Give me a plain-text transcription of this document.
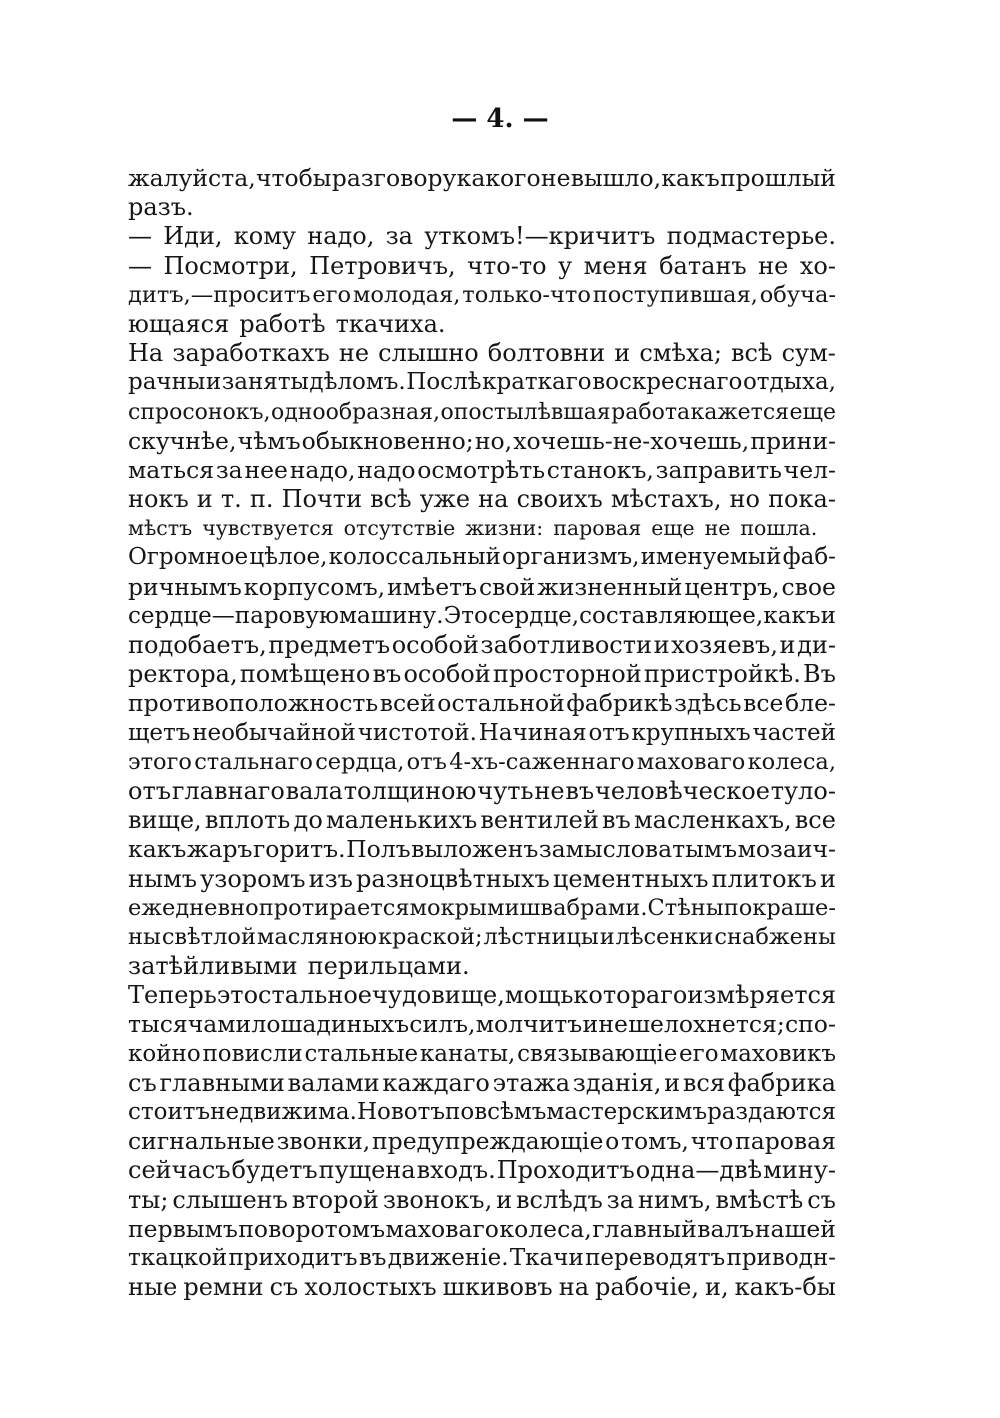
— 4. —
жалуйста, чтобы разговору какого не вышло, какъ прошлый
разъ.
— Иди, кому надо, за уткомъ!—кричитъ подмастерье.
— Посмотри, Петровичъ, что-то у меня батанъ не хо-
дитъ,—проситъ его молодая, только-что поступившая, обуча-
ющаяся работѣ ткачиха.
На заработкахъ не слышно болтовни и смѣха; всѣ сум-
рачны и заняты дѣломъ. Послѣ краткаго воскреснаго отдыха,
спросонокъ, однообразная, опостылѣвшая работа кажется еще
скучнѣе, чѣмъ обыкновенно; но, хочешь-не-хочешь, прини-
маться за нее надо, надо осмотрѣть станокъ, заправить чел-
нокъ и т. п. Почти всѣ уже на своихъ мѣстахъ, но пока-
мѣстъ чувствуется отсутствіе жизни: паровая еще не пошла.
Огромное цѣлое, колоссальный организмъ, именуемый фаб-
ричнымъ корпусомъ, имѣетъ свой жизненный центръ, свое
сердце—паровую машину. Это сердце, составляющее, какъ и
подобаетъ, предметъ особой заботливости и хозяевъ, и ди-
ректора, помѣщено въ особой просторной пристройкѣ. Въ
противоположность всей остальной фабрикѣ здѣсь все бле-
щетъ необычайной чистотой. Начиная отъ крупныхъ частей
этого стальнаго сердца, отъ 4-хъ-саженнаго маховаго колеса,
отъ главнаго вала толщиною чуть не въ человѣческое туло-
вище, вплоть до маленькихъ вентилей въ масленкахъ, все
какъ жаръ горитъ. Полъ выложенъ замысловатымъ мозаич-
нымъ узоромъ изъ разноцвѣтныхъ цементныхъ плитокъ и
ежедневно протирается мокрыми швабрами. Стѣны покраше-
ны свѣтлой масляною краской; лѣстницы и лѣсенки снабжены
затѣйливыми перильцами.
Теперь это стальное чудовище, мощь котораго измѣряется
тысячами лошадиныхъ силъ, молчитъ и не шелохнется; спо-
койно повисли стальные канаты, связывающіе его маховикъ
съ главными валами каждаго этажа зданія, и вся фабрика
стоитъ недвижима. Но вотъ по всѣмъ мастерскимъ раздаются
сигнальные звонки, предупреждающіе о томъ, что паровая
сейчасъ будетъ пущена входъ. Проходитъ одна—двѣ мину-
ты; слышенъ второй звонокъ, и вслѣдъ за нимъ, вмѣстѣ съ
первымъ поворотомъ маховаго колеса, главный валъ нашей
ткацкой приходитъ въ движеніе. Ткачи переводятъ приводн-
ные ремни съ холостыхъ шкивовъ на рабочіе, и, какъ-бы
